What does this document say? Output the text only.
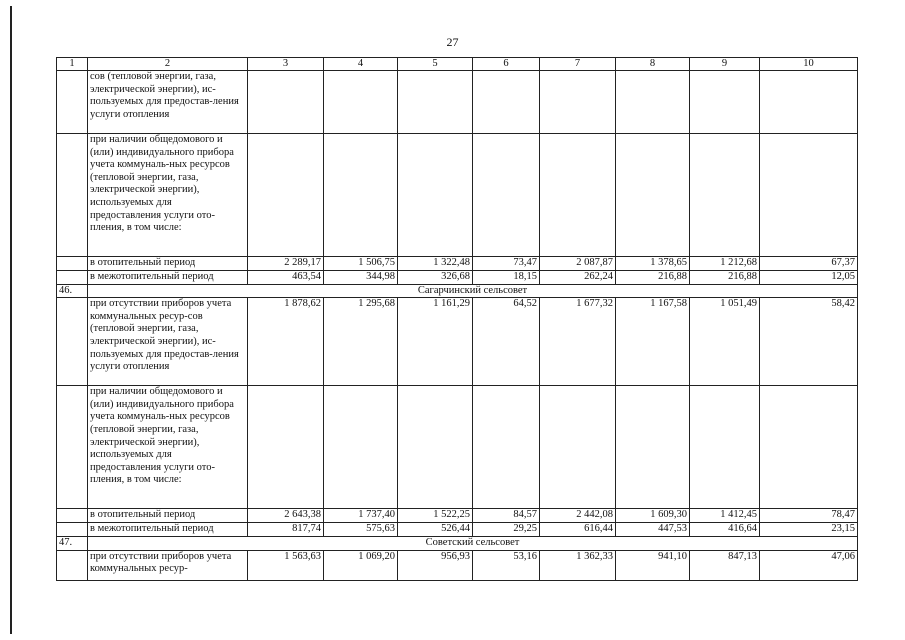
27
1	2	3	4	5	6	7	8	9	10
	сов (тепловой энергии, газа, электрической энергии), ис-пользуемых для предостав-ления услуги отопления								
	при наличии общедомового и (или) индивидуального прибора учета коммуналь-ных ресурсов (тепловой энергии, газа, электрической энергии), используемых для предоставления услуги ото-пления, в том числе:								
	в отопительный период	2 289,17	1 506,75	1 322,48	73,47	2 087,87	1 378,65	1 212,68	67,37
	в межотопительный период	463,54	344,98	326,68	18,15	262,24	216,88	216,88	12,05
46.	Сагарчинский сельсовет								
	при отсутствии приборов учета коммунальных ресур-сов (тепловой энергии, газа, электрической энергии), ис-пользуемых для предостав-ления услуги отопления	1 878,62	1 295,68	1 161,29	64,52	1 677,32	1 167,58	1 051,49	58,42
	при наличии общедомового и (или) индивидуального прибора учета коммуналь-ных ресурсов (тепловой энергии, газа, электрической энергии), используемых для предоставления услуги ото-пления, в том числе:								
	в отопительный период	2 643,38	1 737,40	1 522,25	84,57	2 442,08	1 609,30	1 412,45	78,47
	в межотопительный период	817,74	575,63	526,44	29,25	616,44	447,53	416,64	23,15
47.	Советский сельсовет								
	при отсутствии приборов учета коммунальных ресур-	1 563,63	1 069,20	956,93	53,16	1 362,33	941,10	847,13	47,06
